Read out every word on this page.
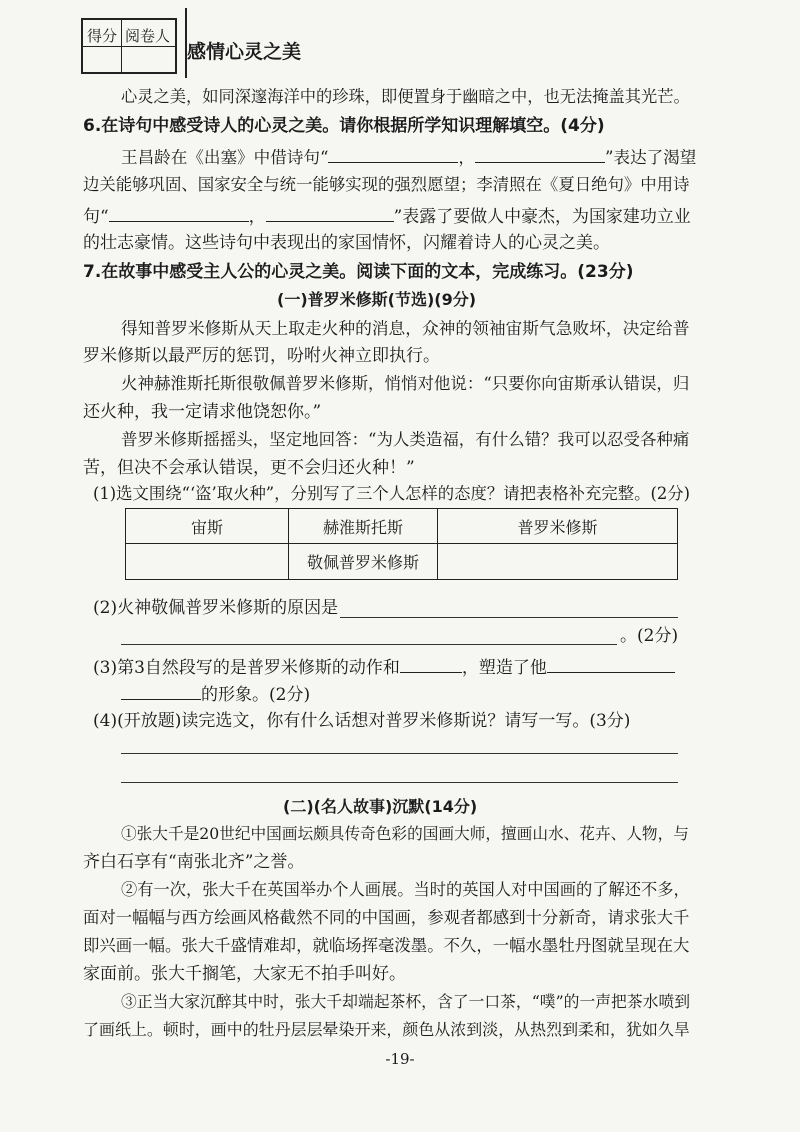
得分 阅卷人
感情心灵之美
心灵之美，如同深邃海洋中的珍珠，即便置身于幽暗之中，也无法掩盖其光芒。
6.在诗句中感受诗人的心灵之美。请你根据所学知识理解填空。(4分)
王昌龄在《出塞》中借诗句“	，	”表达了渴望
边关能够巩固、国家安全与统一能够实现的强烈愿望；李清照在《夏日绝句》中用诗
句“	，	”表露了要做人中豪杰，为国家建功立业
的壮志豪情。这些诗句中表现出的家国情怀，闪耀着诗人的心灵之美。
7.在故事中感受主人公的心灵之美。阅读下面的文本，完成练习。(23分)
(一)普罗米修斯(节选)(9分)
得知普罗米修斯从天上取走火种的消息，众神的领袖宙斯气急败坏，决定给普
罗米修斯以最严厉的惩罚，吩咐火神立即执行。
火神赫淮斯托斯很敬佩普罗米修斯，悄悄对他说：“只要你向宙斯承认错误，归
还火种，我一定请求他饶恕你。”
普罗米修斯摇摇头，坚定地回答：“为人类造福，有什么错？我可以忍受各种痛
苦，但决不会承认错误，更不会归还火种！”
(1)选文围绕“‘盗’取火种”，分别写了三个人怎样的态度？请把表格补充完整。(2分)
宙斯	赫淮斯托斯	普罗米修斯
	敬佩普罗米修斯	
(2)火神敬佩普罗米修斯的原因是
。(2分)
(3)第3自然段写的是普罗米修斯的动作和	，塑造了他
的形象。(2分)
(4)(开放题)读完选文，你有什么话想对普罗米修斯说？请写一写。(3分)
(二)(名人故事)沉默(14分)
①张大千是20世纪中国画坛颇具传奇色彩的国画大师，擅画山水、花卉、人物，与
齐白石享有“南张北齐”之誉。
②有一次，张大千在英国举办个人画展。当时的英国人对中国画的了解还不多，
面对一幅幅与西方绘画风格截然不同的中国画，参观者都感到十分新奇，请求张大千
即兴画一幅。张大千盛情难却，就临场挥毫泼墨。不久，一幅水墨牡丹图就呈现在大
家面前。张大千搁笔，大家无不拍手叫好。
③正当大家沉醉其中时，张大千却端起茶杯，含了一口茶，“噗”的一声把茶水喷到
了画纸上。顿时，画中的牡丹层层晕染开来，颜色从浓到淡，从热烈到柔和，犹如久旱
-19-
